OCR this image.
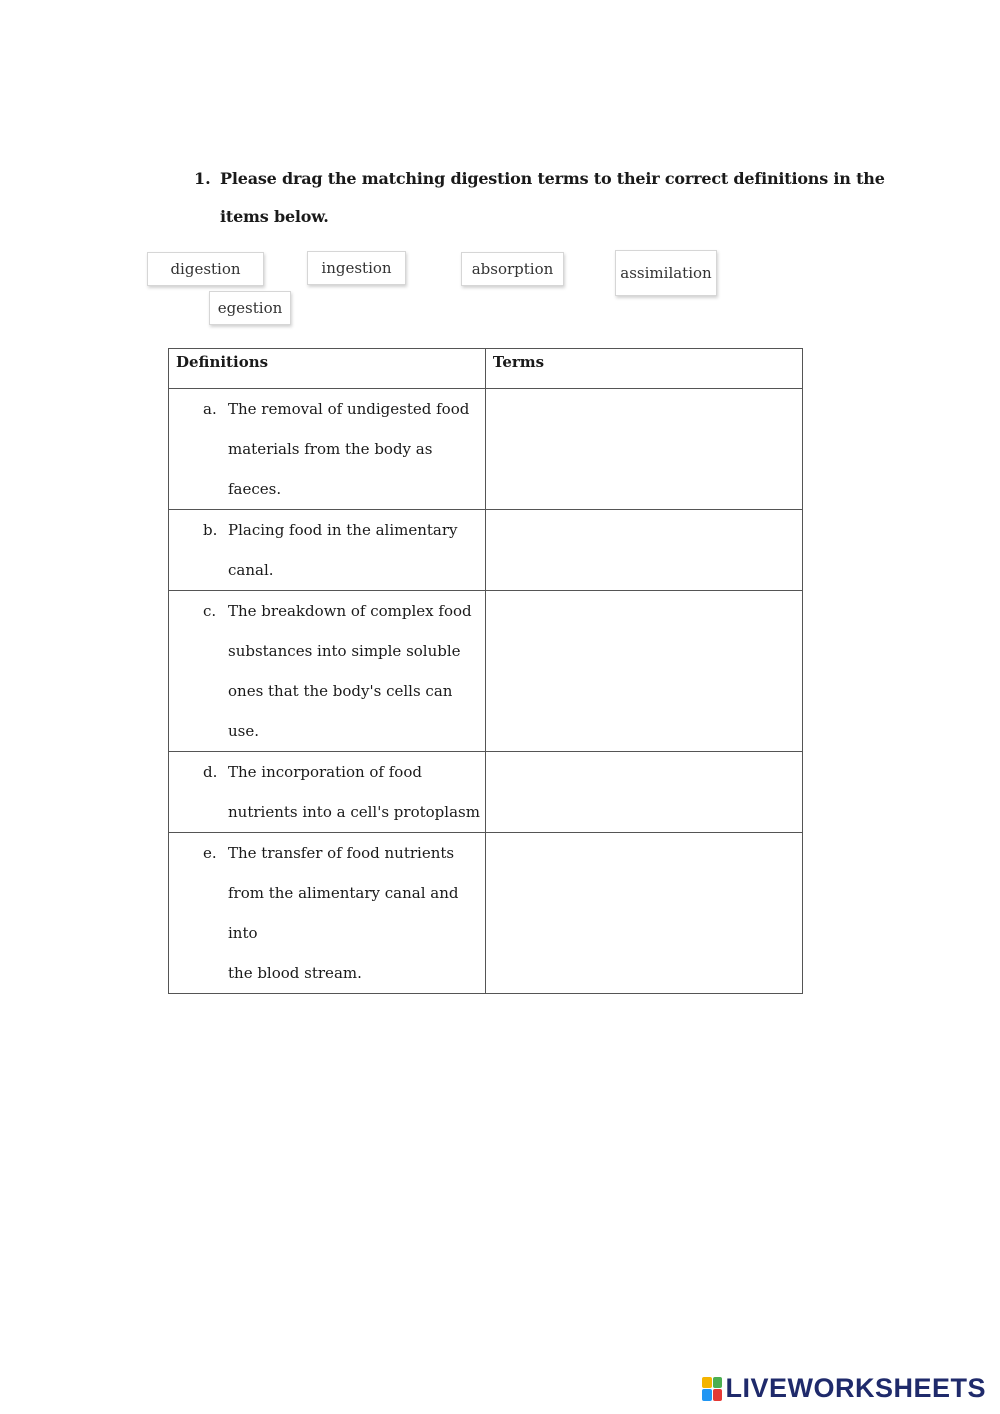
1. Please drag the matching digestion terms to their correct definitions in the
items below.
digestion	ingestion	absorption	assimilation
egestion
Definitions	Terms

a. The removal of undigested food
materials from the body as faeces.	

b. Placing food in the alimentary
canal.	

c. The breakdown of complex food
substances into simple soluble
ones that the body's cells can use.	

d. The incorporation of food
nutrients into a cell's protoplasm	

e. The transfer of food nutrients
from the alimentary canal and into
the blood stream.	

LIVEWORKSHEETS
